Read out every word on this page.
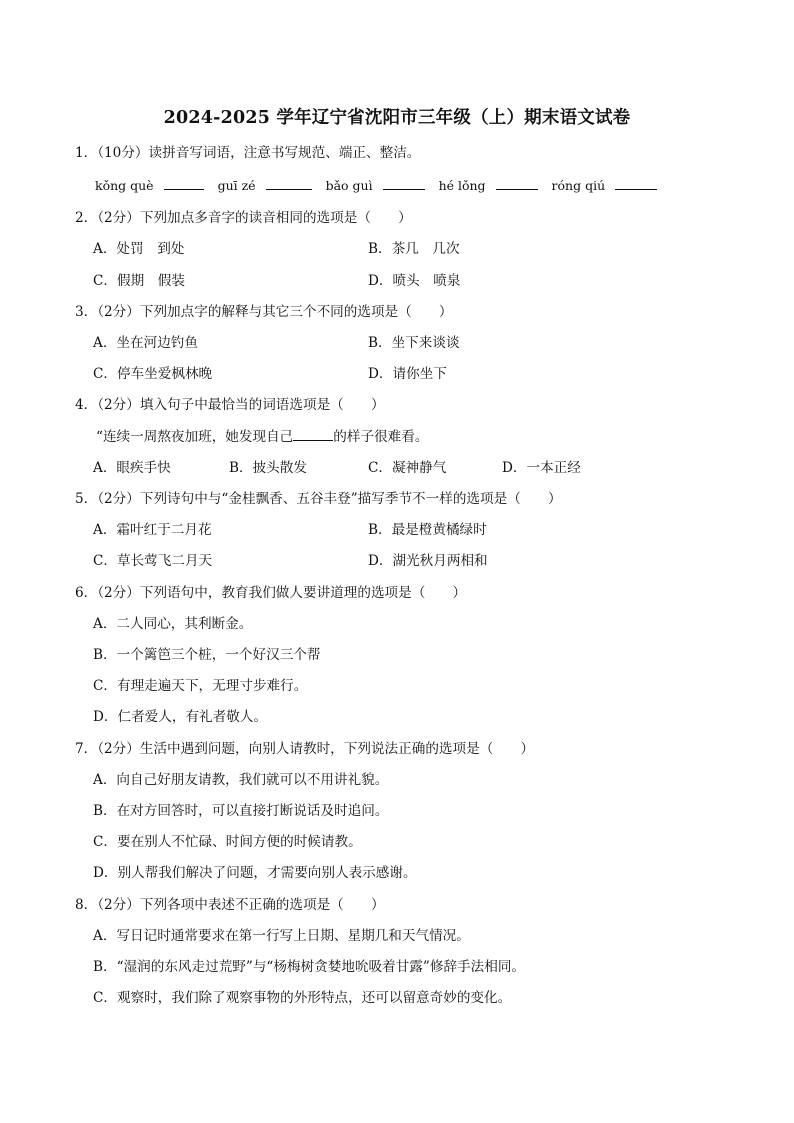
2024-2025 学年辽宁省沈阳市三年级（上）期末语文试卷
1．（10分）读拼音写词语，注意书写规范、端正、整洁。
kǒng què	guī zé	bǎo guì	hé lǒng	róng qiú
2．（2分）下列加点多音字的读音相同的选项是（　　）
A．处罚　到处	B．茶几　几次
C．假期　假装	D．喷头　喷泉
3．（2分）下列加点字的解释与其它三个不同的选项是（　　）
A．坐在河边钓鱼	B．坐下来谈谈
C．停车坐爱枫林晚	D．请你坐下
4．（2分）填入句子中最恰当的词语选项是（　　）
“连续一周熬夜加班，她发现自己	的样子很难看。
A．眼疾手快	B．披头散发	C．凝神静气	D．一本正经
5．（2分）下列诗句中与“金桂飘香、五谷丰登”描写季节不一样的选项是（　　）
A．霜叶红于二月花	B．最是橙黄橘绿时
C．草长莺飞二月天	D．湖光秋月两相和
6．（2分）下列语句中，教育我们做人要讲道理的选项是（　　）
A．二人同心，其利断金。
B．一个篱笆三个桩，一个好汉三个帮
C．有理走遍天下，无理寸步难行。
D．仁者爱人，有礼者敬人。
7．（2分）生活中遇到问题，向别人请教时，下列说法正确的选项是（　　）
A．向自己好朋友请教，我们就可以不用讲礼貌。
B．在对方回答时，可以直接打断说话及时追问。
C．要在别人不忙碌、时间方便的时候请教。
D．别人帮我们解决了问题，才需要向别人表示感谢。
8．（2分）下列各项中表述不正确的选项是（　　）
A．写日记时通常要求在第一行写上日期、星期几和天气情况。
B．“湿润的东风走过荒野”与“杨梅树贪婪地吮吸着甘露”修辞手法相同。
C．观察时，我们除了观察事物的外形特点，还可以留意奇妙的变化。
